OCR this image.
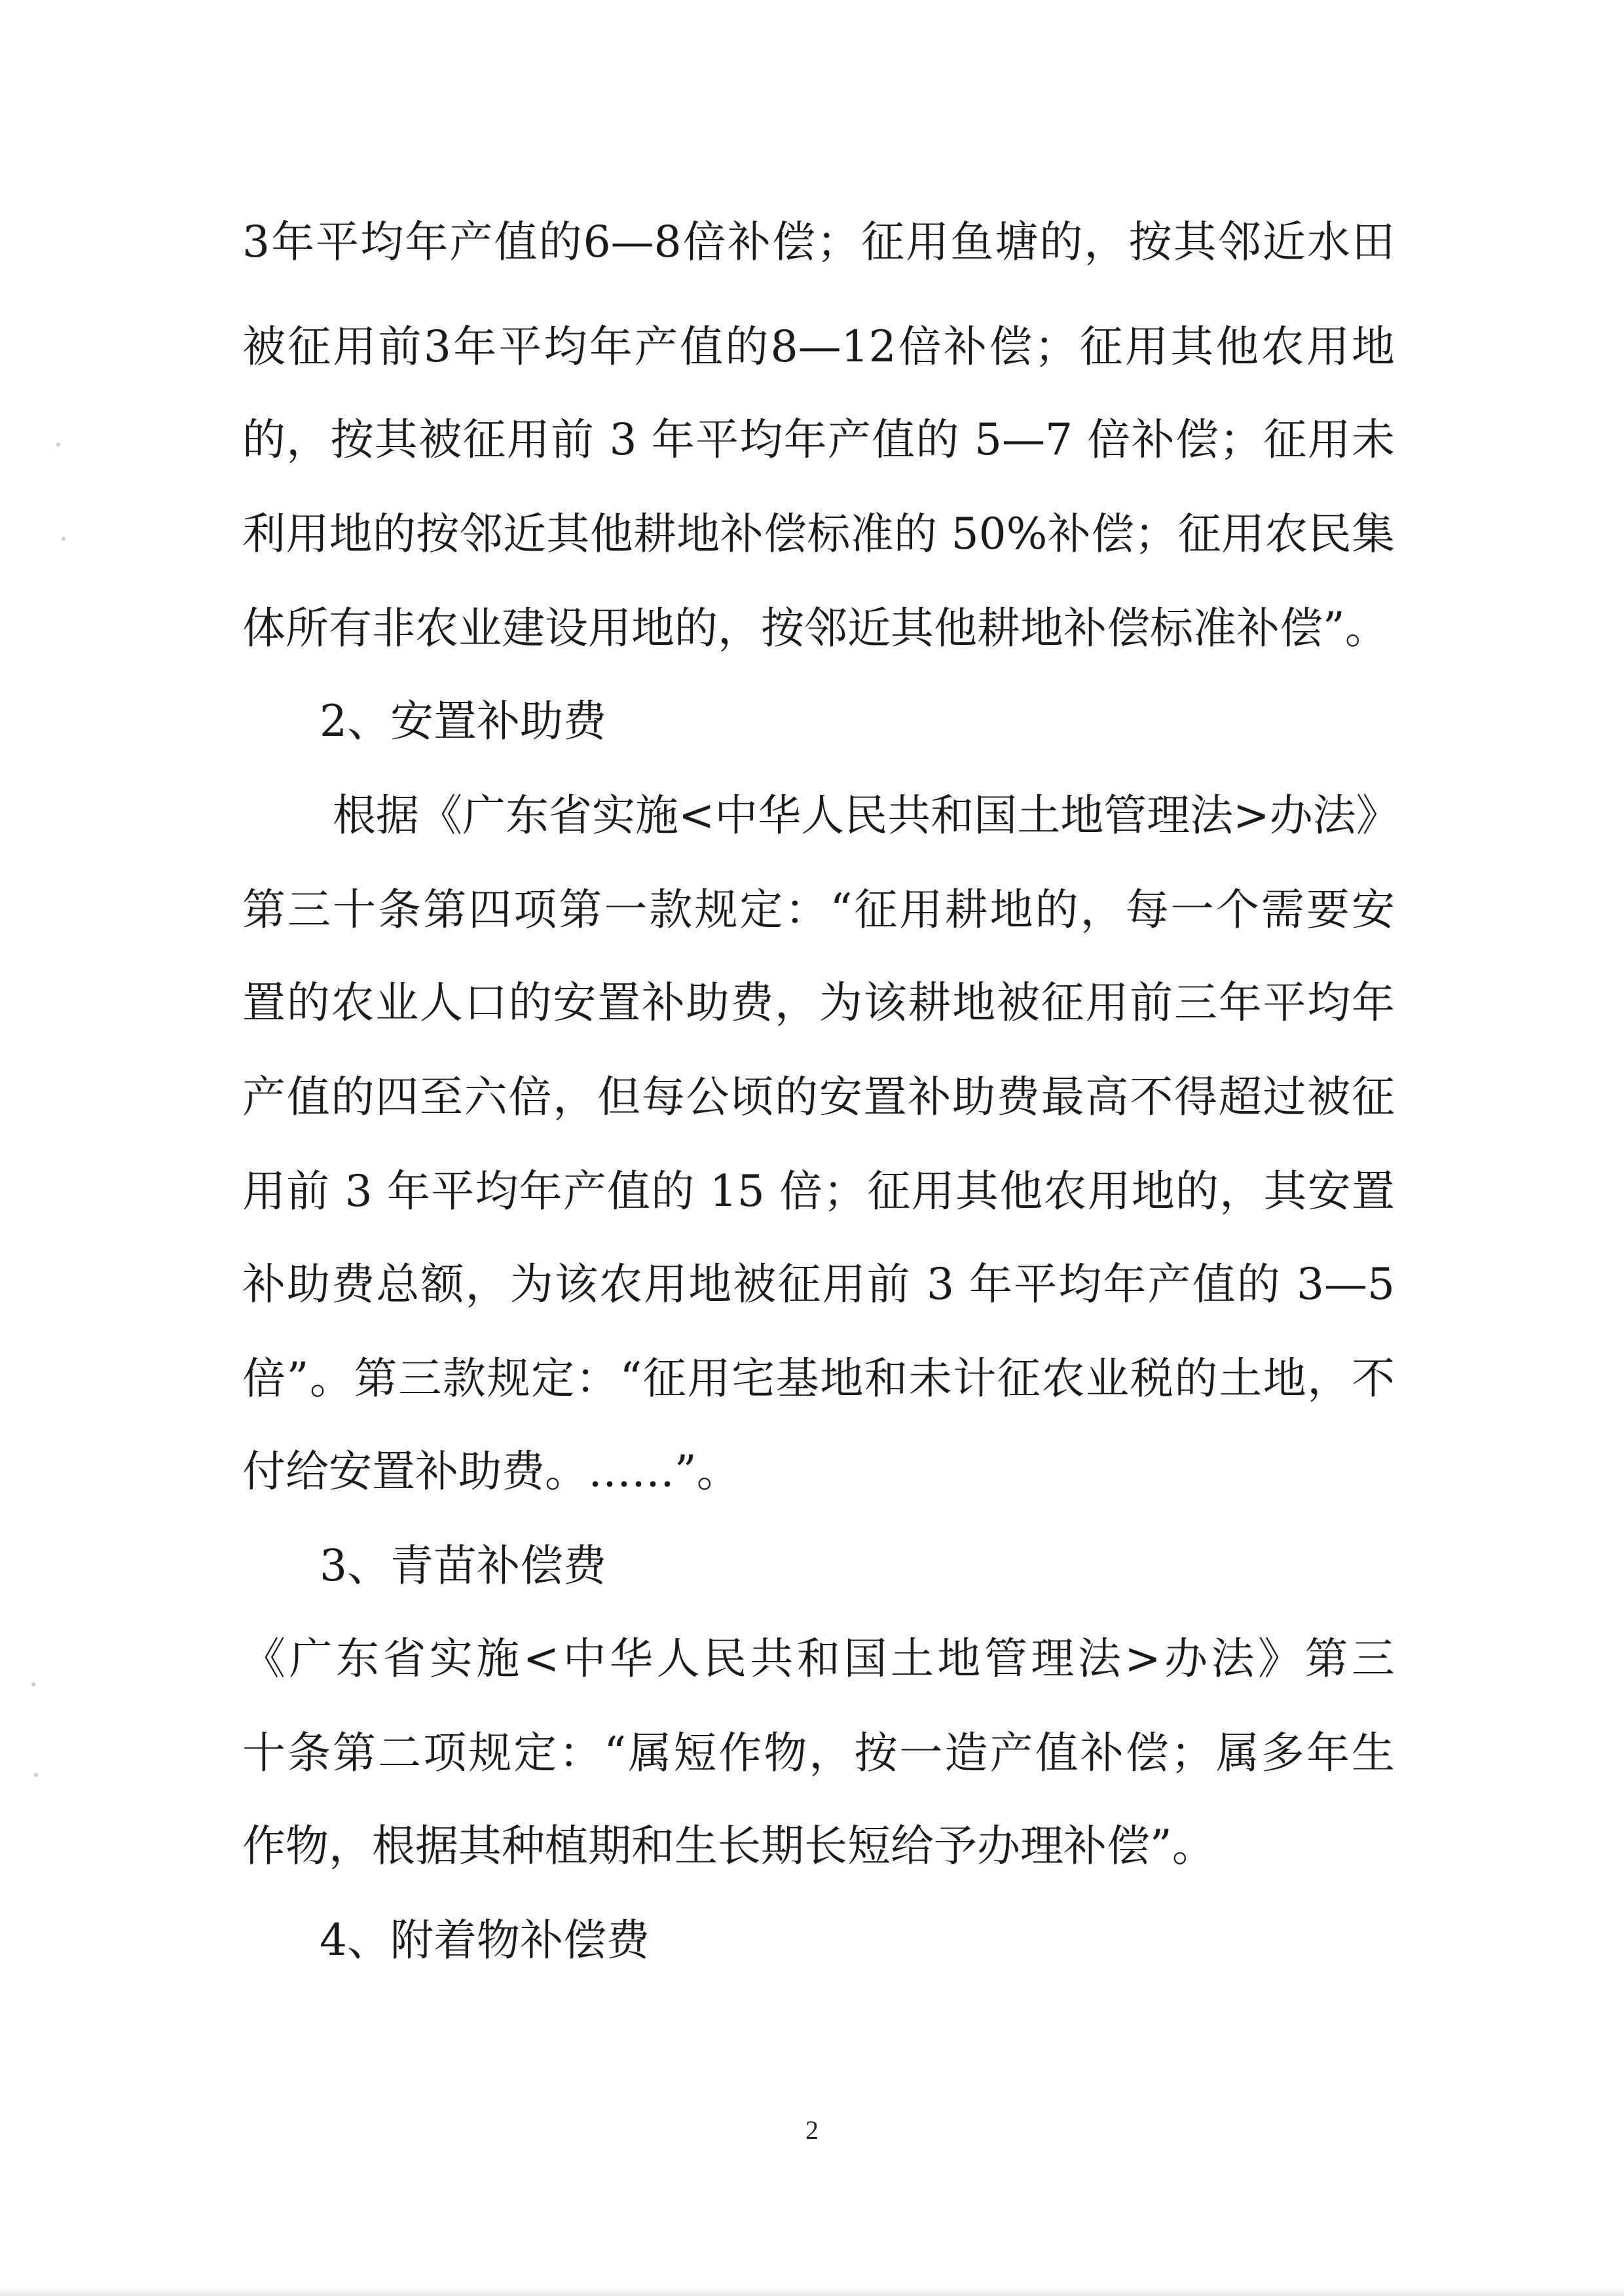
3年平均年产值的6—8倍补偿；征用鱼塘的，按其邻近水田
被征用前3年平均年产值的8—12倍补偿；征用其他农用地
的，按其被征用前 3 年平均年产值的 5—7 倍补偿；征用未
利用地的按邻近其他耕地补偿标准的 50%补偿；征用农民集
体所有非农业建设用地的，按邻近其他耕地补偿标准补偿”。
2、安置补助费
根据《广东省实施<中华人民共和国土地管理法>办法》
第三十条第四项第一款规定：“征用耕地的，每一个需要安
置的农业人口的安置补助费，为该耕地被征用前三年平均年
产值的四至六倍，但每公顷的安置补助费最高不得超过被征
用前 3 年平均年产值的 15 倍；征用其他农用地的，其安置
补助费总额，为该农用地被征用前 3 年平均年产值的 3—5
倍”。第三款规定：“征用宅基地和未计征农业税的土地，不
付给安置补助费。……”。
3、青苗补偿费
《广东省实施<中华人民共和国土地管理法>办法》第三
十条第二项规定：“属短作物，按一造产值补偿；属多年生
作物，根据其种植期和生长期长短给予办理补偿”。
4、附着物补偿费
2
